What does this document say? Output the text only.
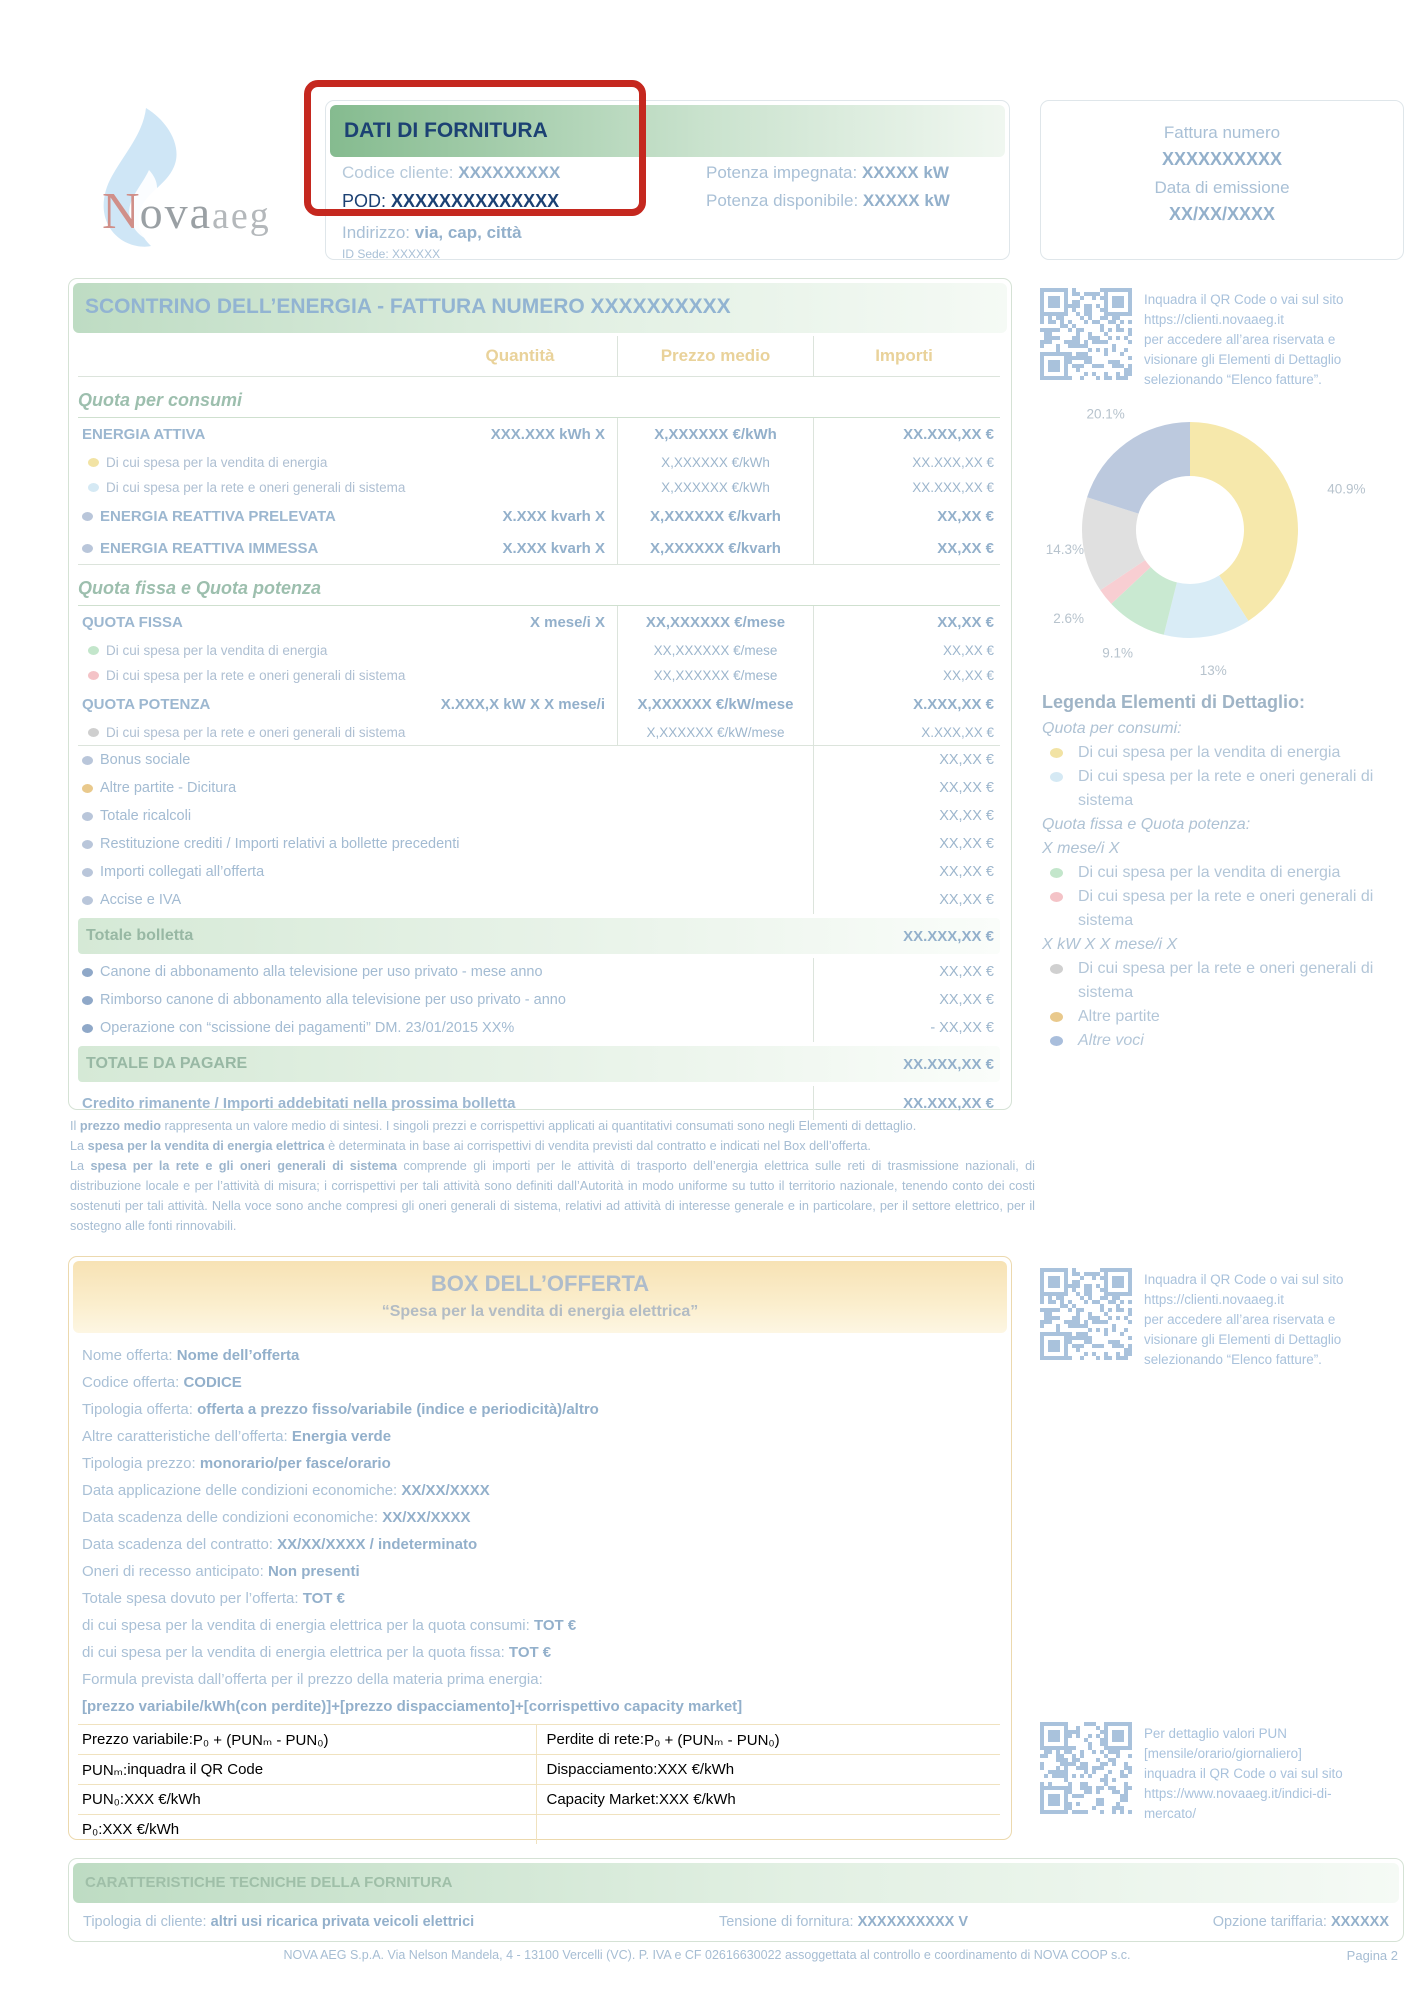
Novaaeg
DATI DI FORNITURA
Codice cliente: XXXXXXXXX
POD: XXXXXXXXXXXXXX
Indirizzo: via, cap, città
ID Sede: XXXXXX
Potenza impegnata: XXXXX kW
Potenza disponibile: XXXXX kW
Fattura numero
XXXXXXXXXX
Data di emissione
XX/XX/XXXX
SCONTRINO DELL’ENERGIA - FATTURA NUMERO XXXXXXXXXX
Quantità	Prezzo medio	Importi
Quota per consumi
ENERGIA ATTIVA	XXX.XXX kWh X	X,XXXXXX €/kWh	XX.XXX,XX €
Di cui spesa per la vendita di energia	X,XXXXXX €/kWh	XX.XXX,XX €
Di cui spesa per la rete e oneri generali di sistema	X,XXXXXX €/kWh	XX.XXX,XX €
ENERGIA REATTIVA PRELEVATA	X.XXX kvarh X	X,XXXXXX €/kvarh	XX,XX €
ENERGIA REATTIVA IMMESSA	X.XXX kvarh X	X,XXXXXX €/kvarh	XX,XX €
Quota fissa e Quota potenza
QUOTA FISSA	X mese/i X	XX,XXXXXX €/mese	XX,XX €
Di cui spesa per la vendita di energia	XX,XXXXXX €/mese	XX,XX €
Di cui spesa per la rete e oneri generali di sistema	XX,XXXXXX €/mese	XX,XX €
QUOTA POTENZA	X.XXX,X kW X X mese/i	X,XXXXXX €/kW/mese	X.XXX,XX €
Di cui spesa per la rete e oneri generali di sistema	X,XXXXXX €/kW/mese	X.XXX,XX €
Bonus sociale	XX,XX €
Altre partite - Dicitura	XX,XX €
Totale ricalcoli	XX,XX €
Restituzione crediti / Importi relativi a bollette precedenti	XX,XX €
Importi collegati all’offerta	XX,XX €
Accise e IVA	XX,XX €
Totale bolletta	XX.XXX,XX €
Canone di abbonamento alla televisione per uso privato - mese anno	XX,XX €
Rimborso canone di abbonamento alla televisione per uso privato - anno	XX,XX €
Operazione con “scissione dei pagamenti” DM. 23/01/2015 XX%	- XX,XX €
TOTALE DA PAGARE	XX.XXX,XX €
Credito rimanente / Importi addebitati nella prossima bolletta	XX.XXX,XX €
Il prezzo medio rappresenta un valore medio di sintesi. I singoli prezzi e corrispettivi applicati ai quantitativi consumati sono negli Elementi di dettaglio.
La spesa per la vendita di energia elettrica è determinata in base ai corrispettivi di vendita previsti dal contratto e indicati nel Box dell’offerta.
La spesa per la rete e gli oneri generali di sistema comprende gli importi per le attività di trasporto dell’energia elettrica sulle reti di trasmissione nazionali, di distribuzione locale e per l’attività di misura; i corrispettivi per tali attività sono definiti dall’Autorità in modo uniforme su tutto il territorio nazionale, tenendo conto dei costi sostenuti per tali attività. Nella voce sono anche compresi gli oneri generali di sistema, relativi ad attività di interesse generale e in particolare, per il settore elettrico, per il sostegno alle fonti rinnovabili.
BOX DELL’OFFERTA
“Spesa per la vendita di energia elettrica”
Nome offerta: Nome dell’offerta
Codice offerta: CODICE
Tipologia offerta: offerta a prezzo fisso/variabile (indice e periodicità)/altro
Altre caratteristiche dell’offerta: Energia verde
Tipologia prezzo: monorario/per fasce/orario
Data applicazione delle condizioni economiche: XX/XX/XXXX
Data scadenza delle condizioni economiche: XX/XX/XXXX
Data scadenza del contratto: XX/XX/XXXX / indeterminato
Oneri di recesso anticipato: Non presenti
Totale spesa dovuto per l’offerta: TOT €
di cui spesa per la vendita di energia elettrica per la quota consumi: TOT €
di cui spesa per la vendita di energia elettrica per la quota fissa: TOT €
Formula prevista dall’offerta per il prezzo della materia prima energia:
[prezzo variabile/kWh(con perdite)]+[prezzo dispacciamento]+[corrispettivo capacity market]
Prezzo variabile: P₀ + (PUNₘ - PUN₀)	Perdite di rete: P₀ + (PUNₘ - PUN₀)
PUNₘ: inquadra il QR Code	Dispacciamento: XXX €/kWh
PUN₀: XXX €/kWh	Capacity Market: XXX €/kWh
P₀: XXX €/kWh
Inquadra il QR Code o vai sul sito
https://clienti.novaaeg.it
per accedere all’area riservata e
visionare gli Elementi di Dettaglio
selezionando “Elenco fatture”.
40.9%
13%
9.1%
2.6%
14.3%
20.1%
Legenda Elementi di Dettaglio:
Quota per consumi:
Di cui spesa per la vendita di energia
Di cui spesa per la rete e oneri generali di sistema
Quota fissa e Quota potenza:
X mese/i X
Di cui spesa per la vendita di energia
Di cui spesa per la rete e oneri generali di sistema
X kW X X mese/i X
Di cui spesa per la rete e oneri generali di sistema
Altre partite
Altre voci
Inquadra il QR Code o vai sul sito
https://clienti.novaaeg.it
per accedere all’area riservata e
visionare gli Elementi di Dettaglio
selezionando “Elenco fatture”.
Per dettaglio valori PUN
[mensile/orario/giornaliero]
inquadra il QR Code o vai sul sito
https://www.novaaeg.it/indici-di-
mercato/
CARATTERISTICHE TECNICHE DELLA FORNITURA
Tipologia di cliente: altri usi ricarica privata veicoli elettrici	Tensione di fornitura: XXXXXXXXXX V	Opzione tariffaria: XXXXXX
NOVA AEG S.p.A. Via Nelson Mandela, 4 - 13100 Vercelli (VC). P. IVA e CF 02616630022 assoggettata al controllo e coordinamento di NOVA COOP s.c.	Pagina 2
